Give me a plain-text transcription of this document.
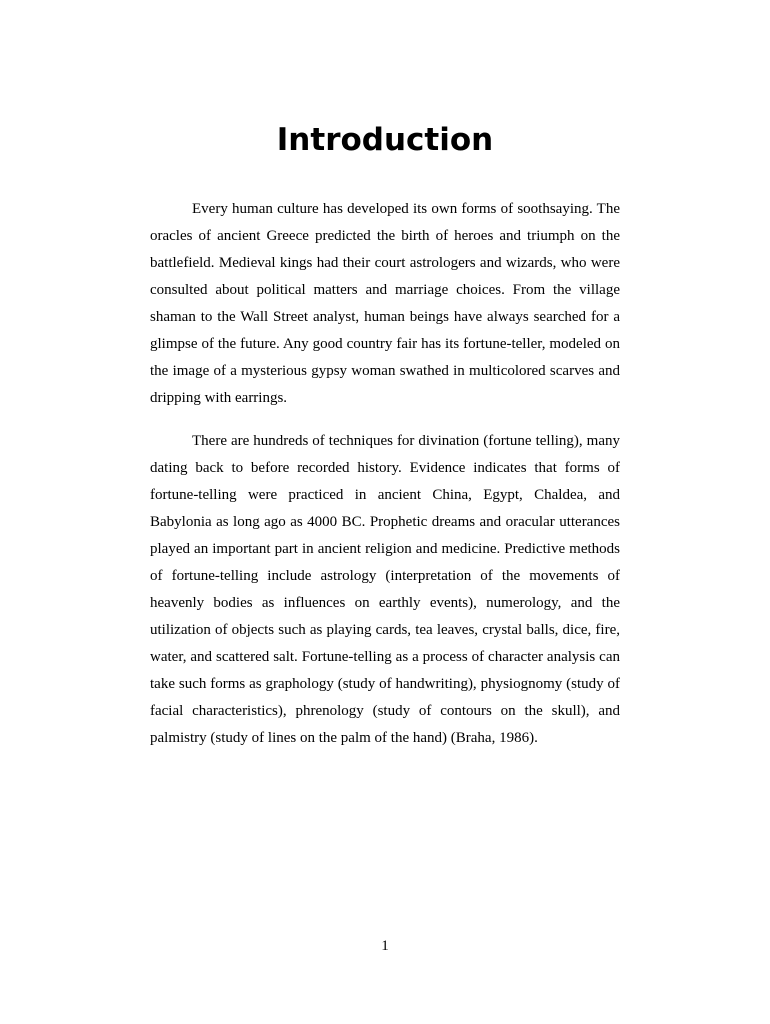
Introduction

Every human culture has developed its own forms of soothsaying. The oracles of ancient Greece predicted the birth of heroes and triumph on the battlefield. Medieval kings had their court astrologers and wizards, who were consulted about political matters and marriage choices. From the village shaman to the Wall Street analyst, human beings have always searched for a glimpse of the future. Any good country fair has its fortune-teller, modeled on the image of a mysterious gypsy woman swathed in multicolored scarves and dripping with earrings.

There are hundreds of techniques for divination (fortune telling), many dating back to before recorded history. Evidence indicates that forms of fortune-telling were practiced in ancient China, Egypt, Chaldea, and Babylonia as long ago as 4000 BC. Prophetic dreams and oracular utterances played an important part in ancient religion and medicine. Predictive methods of fortune-telling include astrology (interpretation of the movements of heavenly bodies as influences on earthly events), numerology, and the utilization of objects such as playing cards, tea leaves, crystal balls, dice, fire, water, and scattered salt. Fortune-telling as a process of character analysis can take such forms as graphology (study of handwriting), physiognomy (study of facial characteristics), phrenology (study of contours on the skull), and palmistry (study of lines on the palm of the hand) (Braha, 1986).

1
